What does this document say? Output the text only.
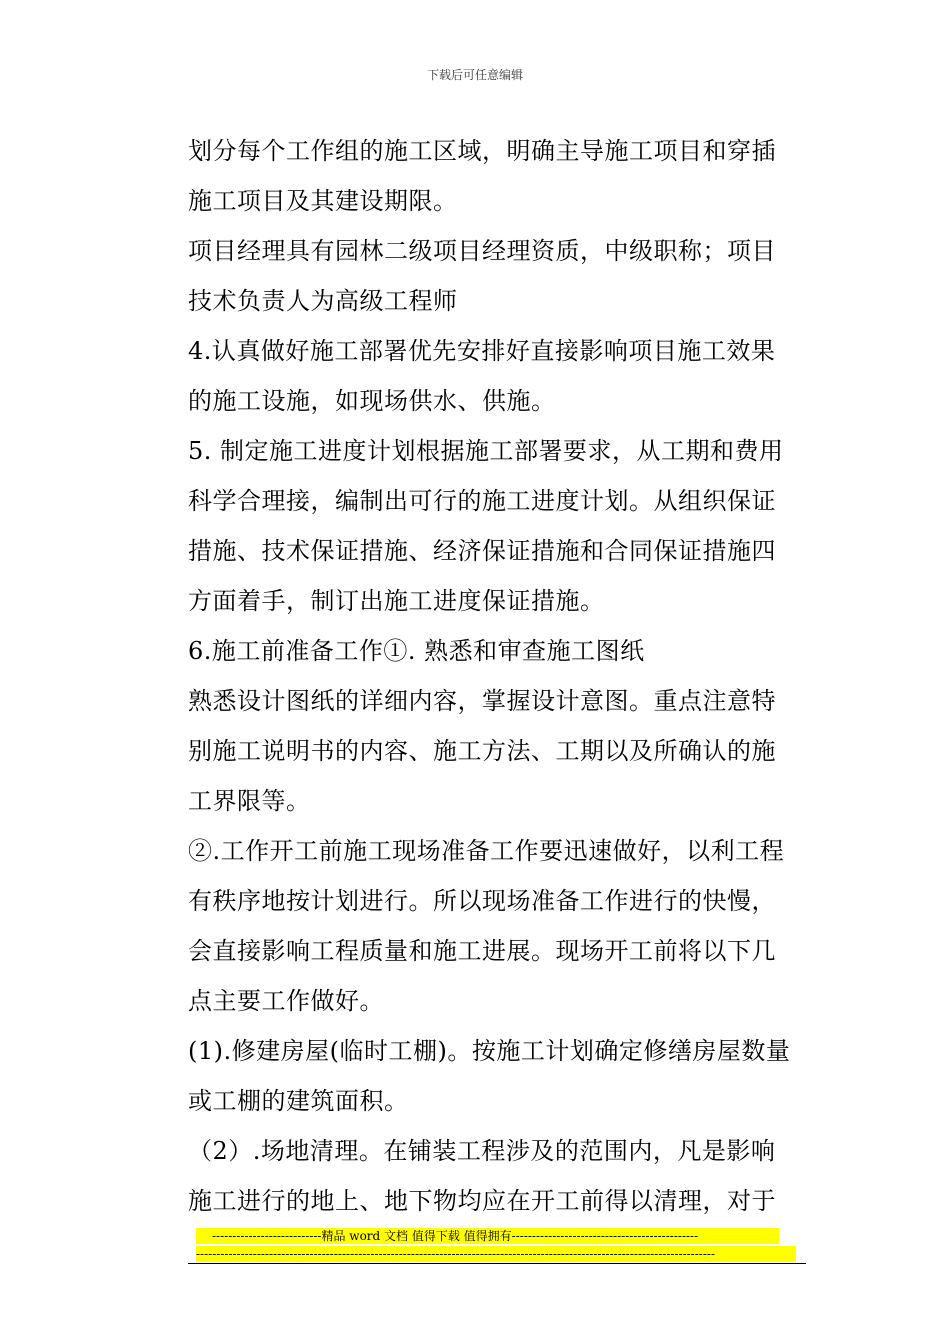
下载后可任意编辑
划分每个工作组的施工区域，明确主导施工项目和穿插
施工项目及其建设期限。
项目经理具有园林二级项目经理资质，中级职称；项目
技术负责人为高级工程师
4.认真做好施工部署优先安排好直接影响项目施工效果
的施工设施，如现场供水、供施。
5. 制定施工进度计划根据施工部署要求，从工期和费用
科学合理接，编制出可行的施工进度计划。从组织保证
措施、技术保证措施、经济保证措施和合同保证措施四
方面着手，制订出施工进度保证措施。
6.施工前准备工作①. 熟悉和审查施工图纸
熟悉设计图纸的详细内容，掌握设计意图。重点注意特
别施工说明书的内容、施工方法、工期以及所确认的施
工界限等。
②.工作开工前施工现场准备工作要迅速做好，以利工程
有秩序地按计划进行。所以现场准备工作进行的快慢，
会直接影响工程质量和施工进展。现场开工前将以下几
点主要工作做好。
(1).修建房屋(临时工棚)。按施工计划确定修缮房屋数量
或工棚的建筑面积。
（2）.场地清理。在铺装工程涉及的范围内，凡是影响
施工进行的地上、地下物均应在开工前得以清理，对于
---------------------------精品 word 文档 值得下载 值得拥有----------------------------------------------
--------------------------------------------------------------------------------------------------------------------------------
